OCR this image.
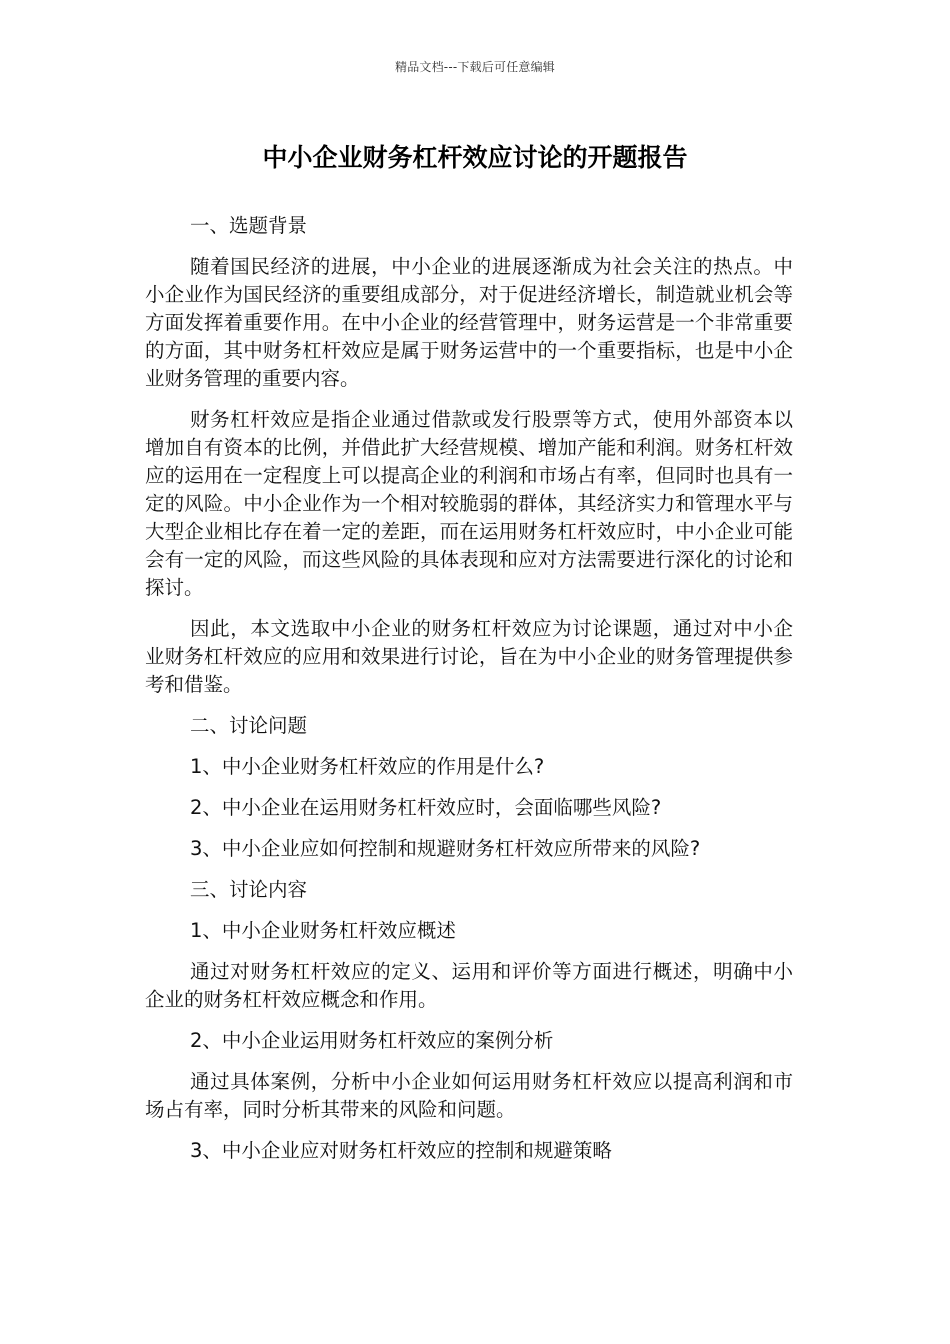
精品文档---下载后可任意编辑
中小企业财务杠杆效应讨论的开题报告

一、选题背景

随着国民经济的进展，中小企业的进展逐渐成为社会关注的热点。中小企业作为国民经济的重要组成部分，对于促进经济增长，制造就业机会等方面发挥着重要作用。在中小企业的经营管理中，财务运营是一个非常重要的方面，其中财务杠杆效应是属于财务运营中的一个重要指标，也是中小企业财务管理的重要内容。

财务杠杆效应是指企业通过借款或发行股票等方式，使用外部资本以增加自有资本的比例，并借此扩大经营规模、增加产能和利润。财务杠杆效应的运用在一定程度上可以提高企业的利润和市场占有率，但同时也具有一定的风险。中小企业作为一个相对较脆弱的群体，其经济实力和管理水平与大型企业相比存在着一定的差距，而在运用财务杠杆效应时，中小企业可能会有一定的风险，而这些风险的具体表现和应对方法需要进行深化的讨论和探讨。

因此，本文选取中小企业的财务杠杆效应为讨论课题，通过对中小企业财务杠杆效应的应用和效果进行讨论，旨在为中小企业的财务管理提供参考和借鉴。

二、讨论问题

1、中小企业财务杠杆效应的作用是什么?

2、中小企业在运用财务杠杆效应时，会面临哪些风险?

3、中小企业应如何控制和规避财务杠杆效应所带来的风险?

三、讨论内容

1、中小企业财务杠杆效应概述

通过对财务杠杆效应的定义、运用和评价等方面进行概述，明确中小企业的财务杠杆效应概念和作用。

2、中小企业运用财务杠杆效应的案例分析

通过具体案例，分析中小企业如何运用财务杠杆效应以提高利润和市场占有率，同时分析其带来的风险和问题。

3、中小企业应对财务杠杆效应的控制和规避策略
